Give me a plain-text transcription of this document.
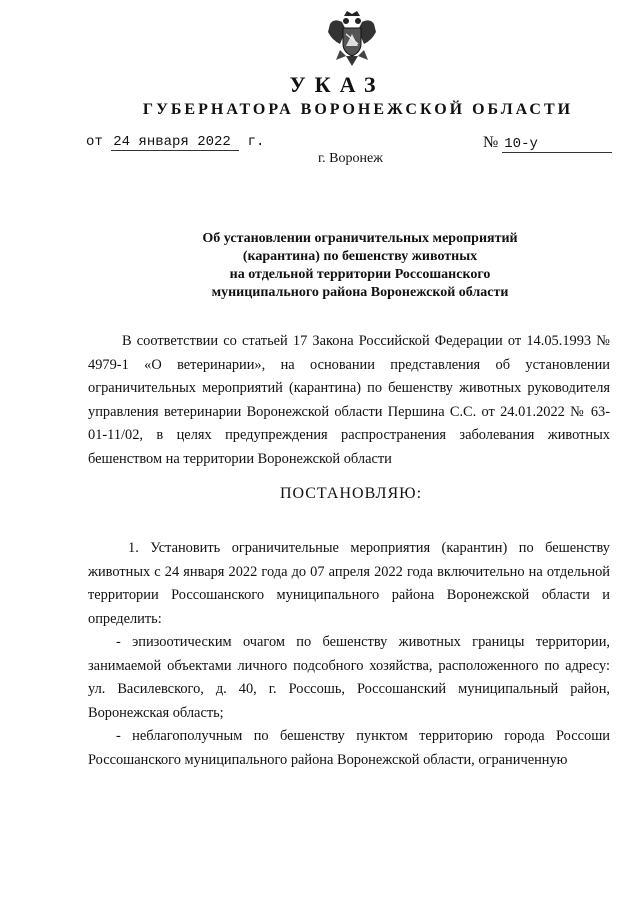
УКАЗ
ГУБЕРНАТОРА ВОРОНЕЖСКОЙ ОБЛАСТИ
от 24 января 2022 г.	№ 10-у
г. Воронеж
Об установлении ограничительных мероприятий
(карантина) по бешенству животных
на отдельной территории Россошанского
муниципального района Воронежской области

В соответствии со статьей 17 Закона Российской Федерации от 14.05.1993 № 4979-1 «О ветеринарии», на основании представления об установлении ограничительных мероприятий (карантина) по бешенству животных руководителя управления ветеринарии Воронежской области Першина С.С. от 24.01.2022 № 63-01-11/02, в целях предупреждения распространения заболевания животных бешенством на территории Воронежской области

ПОСТАНОВЛЯЮ:

1. Установить ограничительные мероприятия (карантин) по бешенству животных с 24 января 2022 года до 07 апреля 2022 года включительно на отдельной территории Россошанского муниципального района Воронежской области и определить:

- эпизоотическим очагом по бешенству животных границы территории, занимаемой объектами личного подсобного хозяйства, расположенного по адресу: ул. Василевского, д. 40, г. Россошь, Россошанский муниципальный район, Воронежская область;

- неблагополучным по бешенству пунктом территорию города Россоши Россошанского муниципального района Воронежской области, ограниченную
